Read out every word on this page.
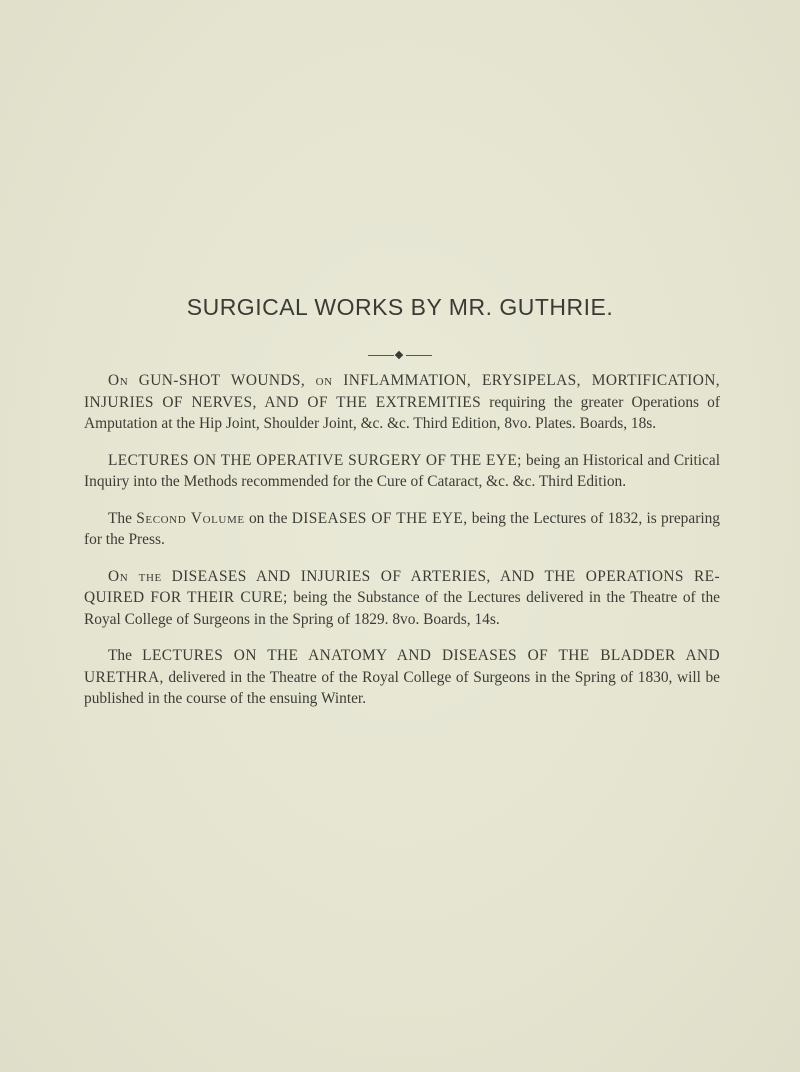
SURGICAL WORKS BY MR. GUTHRIE.

On GUN-SHOT WOUNDS, on INFLAMMATION, ERYSIPELAS, MORTIFICATION, INJURIES OF NERVES, AND OF THE EXTREMITIES requiring the greater Operations of Amputation at the Hip Joint, Shoulder Joint, &c. &c. Third Edition, 8vo. Plates. Boards, 18s.

LECTURES ON THE OPERATIVE SURGERY OF THE EYE; being an Historical and Critical Inquiry into the Methods recommended for the Cure of Cataract, &c. &c. Third Edition.

The Second Volume on the DISEASES OF THE EYE, being the Lectures of 1832, is preparing for the Press.

On the DISEASES AND INJURIES OF ARTERIES, AND THE OPERATIONS RE-QUIRED FOR THEIR CURE; being the Substance of the Lectures delivered in the Theatre of the Royal College of Surgeons in the Spring of 1829. 8vo. Boards, 14s.

The LECTURES ON THE ANATOMY AND DISEASES OF THE BLADDER AND URETHRA, delivered in the Theatre of the Royal College of Surgeons in the Spring of 1830, will be published in the course of the ensuing Winter.
